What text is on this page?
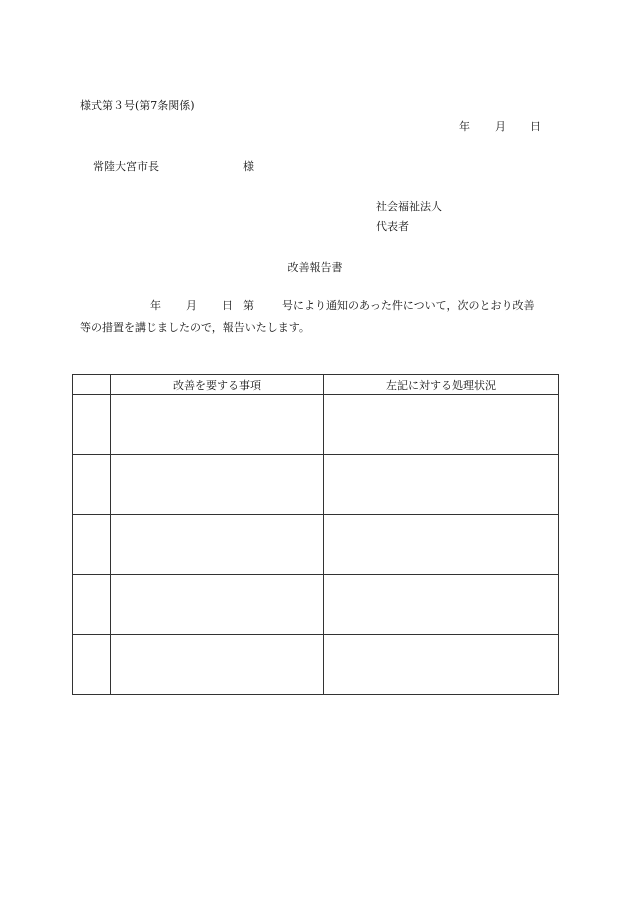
様式第３号(第7条関係)
年 月 日
常陸大宮市長	様
社会福祉法人
代表者
改善報告書
年 月 日 第	号により通知のあった件について，次のとおり改善
等の措置を講じましたので，報告いたします。
	改善を要する事項	左記に対する処理状況
